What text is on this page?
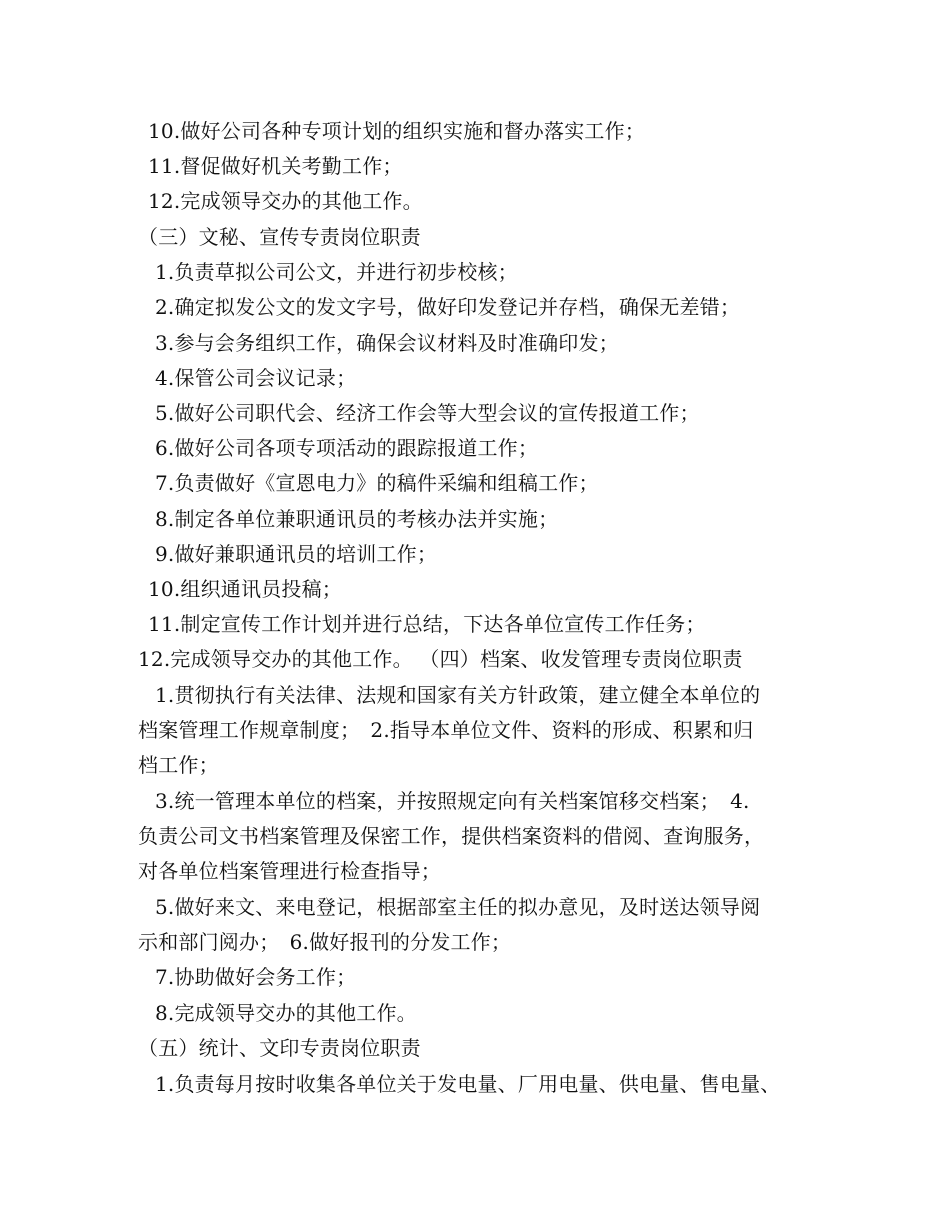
10.做好公司各种专项计划的组织实施和督办落实工作；
11.督促做好机关考勤工作；
12.完成领导交办的其他工作。
（三）文秘、宣传专责岗位职责
1.负责草拟公司公文，并进行初步校核；
2.确定拟发公文的发文字号，做好印发登记并存档，确保无差错；
3.参与会务组织工作，确保会议材料及时准确印发；
4.保管公司会议记录；
5.做好公司职代会、经济工作会等大型会议的宣传报道工作；
6.做好公司各项专项活动的跟踪报道工作；
7.负责做好《宣恩电力》的稿件采编和组稿工作；
8.制定各单位兼职通讯员的考核办法并实施；
9.做好兼职通讯员的培训工作；
10.组织通讯员投稿；
11.制定宣传工作计划并进行总结，下达各单位宣传工作任务；
12.完成领导交办的其他工作。 （四）档案、收发管理专责岗位职责
1.贯彻执行有关法律、法规和国家有关方针政策，建立健全本单位的
档案管理工作规章制度；　2.指导本单位文件、资料的形成、积累和归
档工作；
3.统一管理本单位的档案，并按照规定向有关档案馆移交档案；　4.
负责公司文书档案管理及保密工作，提供档案资料的借阅、查询服务，
对各单位档案管理进行检查指导；
5.做好来文、来电登记，根据部室主任的拟办意见，及时送达领导阅
示和部门阅办；　6.做好报刊的分发工作；
7.协助做好会务工作；
8.完成领导交办的其他工作。
（五）统计、文印专责岗位职责
1.负责每月按时收集各单位关于发电量、厂用电量、供电量、售电量、
